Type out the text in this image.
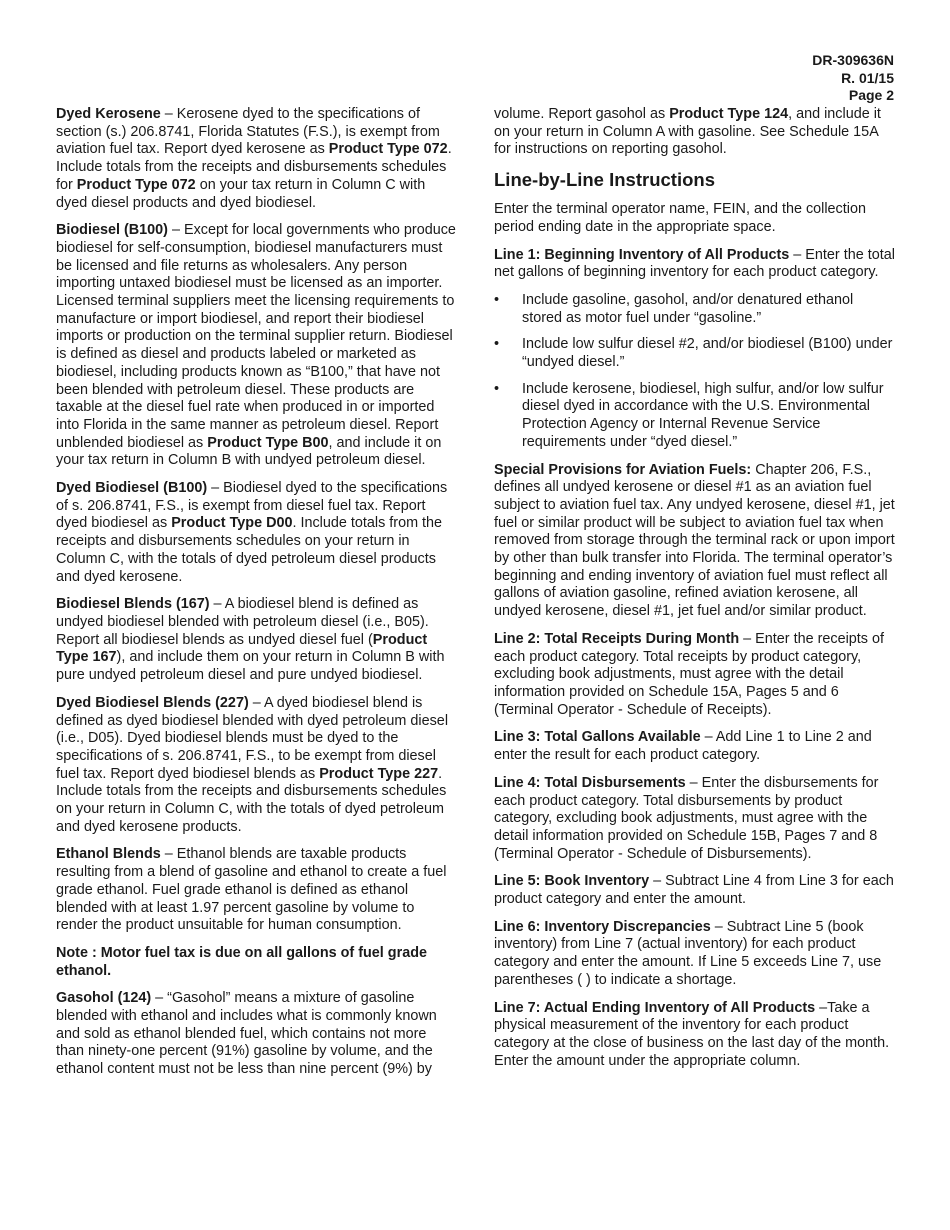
DR-309636N
R. 01/15
Page 2

Dyed Kerosene – Kerosene dyed to the specifications of section (s.) 206.8741, Florida Statutes (F.S.), is exempt from aviation fuel tax. Report dyed kerosene as Product Type 072. Include totals from the receipts and disbursements schedules for Product Type 072 on your tax return in Column C with dyed diesel products and dyed biodiesel.

Biodiesel (B100) – Except for local governments who produce biodiesel for self-consumption, biodiesel manufacturers must be licensed and file returns as wholesalers. Any person importing untaxed biodiesel must be licensed as an importer. Licensed terminal suppliers meet the licensing requirements to manufacture or import biodiesel, and report their biodiesel imports or production on the terminal supplier return. Biodiesel is defined as diesel and products labeled or marketed as biodiesel, including products known as “B100,” that have not been blended with petroleum diesel. These products are taxable at the diesel fuel rate when produced in or imported into Florida in the same manner as petroleum diesel. Report unblended biodiesel as Product Type B00, and include it on your tax return in Column B with undyed petroleum diesel.

Dyed Biodiesel (B100) – Biodiesel dyed to the specifications of s. 206.8741, F.S., is exempt from diesel fuel tax. Report dyed biodiesel as Product Type D00. Include totals from the receipts and disbursements schedules on your return in Column C, with the totals of dyed petroleum diesel products and dyed kerosene.

Biodiesel Blends (167) – A biodiesel blend is defined as undyed biodiesel blended with petroleum diesel (i.e., B05). Report all biodiesel blends as undyed diesel fuel (Product Type 167), and include them on your return in Column B with pure undyed petroleum diesel and pure undyed biodiesel.

Dyed Biodiesel Blends (227) – A dyed biodiesel blend is defined as dyed biodiesel blended with dyed petroleum diesel (i.e., D05). Dyed biodiesel blends must be dyed to the specifications of s. 206.8741, F.S., to be exempt from diesel fuel tax. Report dyed biodiesel blends as Product Type 227. Include totals from the receipts and disbursements schedules on your return in Column C, with the totals of dyed petroleum and dyed kerosene products.

Ethanol Blends – Ethanol blends are taxable products resulting from a blend of gasoline and ethanol to create a fuel grade ethanol. Fuel grade ethanol is defined as ethanol blended with at least 1.97 percent gasoline by volume to render the product unsuitable for human consumption.

Note : Motor fuel tax is due on all gallons of fuel grade ethanol.

Gasohol (124) – “Gasohol” means a mixture of gasoline blended with ethanol and includes what is commonly known and sold as ethanol blended fuel, which contains not more than ninety-one percent (91%) gasoline by volume, and the ethanol content must not be less than nine percent (9%) by

volume. Report gasohol as Product Type 124, and include it on your return in Column A with gasoline. See Schedule 15A for instructions on reporting gasohol.

Line-by-Line Instructions

Enter the terminal operator name, FEIN, and the collection period ending date in the appropriate space.

Line 1: Beginning Inventory of All Products – Enter the total net gallons of beginning inventory for each product category.

• Include gasoline, gasohol, and/or denatured ethanol stored as motor fuel under “gasoline.”
• Include low sulfur diesel #2, and/or biodiesel (B100) under “undyed diesel.”
• Include kerosene, biodiesel, high sulfur, and/or low sulfur diesel dyed in accordance with the U.S. Environmental Protection Agency or Internal Revenue Service requirements under “dyed diesel.”

Special Provisions for Aviation Fuels: Chapter 206, F.S., defines all undyed kerosene or diesel #1 as an aviation fuel subject to aviation fuel tax. Any undyed kerosene, diesel #1, jet fuel or similar product will be subject to aviation fuel tax when removed from storage through the terminal rack or upon import by other than bulk transfer into Florida. The terminal operator’s beginning and ending inventory of aviation fuel must reflect all gallons of aviation gasoline, refined aviation kerosene, all undyed kerosene, diesel #1, jet fuel and/or similar product.

Line 2: Total Receipts During Month – Enter the receipts of each product category. Total receipts by product category, excluding book adjustments, must agree with the detail information provided on Schedule 15A, Pages 5 and 6 (Terminal Operator - Schedule of Receipts).

Line 3: Total Gallons Available – Add Line 1 to Line 2 and enter the result for each product category.

Line 4: Total Disbursements – Enter the disbursements for each product category. Total disbursements by product category, excluding book adjustments, must agree with the detail information provided on Schedule 15B, Pages 7 and 8 (Terminal Operator - Schedule of Disbursements).

Line 5: Book Inventory – Subtract Line 4 from Line 3 for each product category and enter the amount.

Line 6: Inventory Discrepancies – Subtract Line 5 (book inventory) from Line 7 (actual inventory) for each product category and enter the amount. If Line 5 exceeds Line 7, use parentheses ( ) to indicate a shortage.

Line 7: Actual Ending Inventory of All Products –Take a physical measurement of the inventory for each product category at the close of business on the last day of the month. Enter the amount under the appropriate column.
